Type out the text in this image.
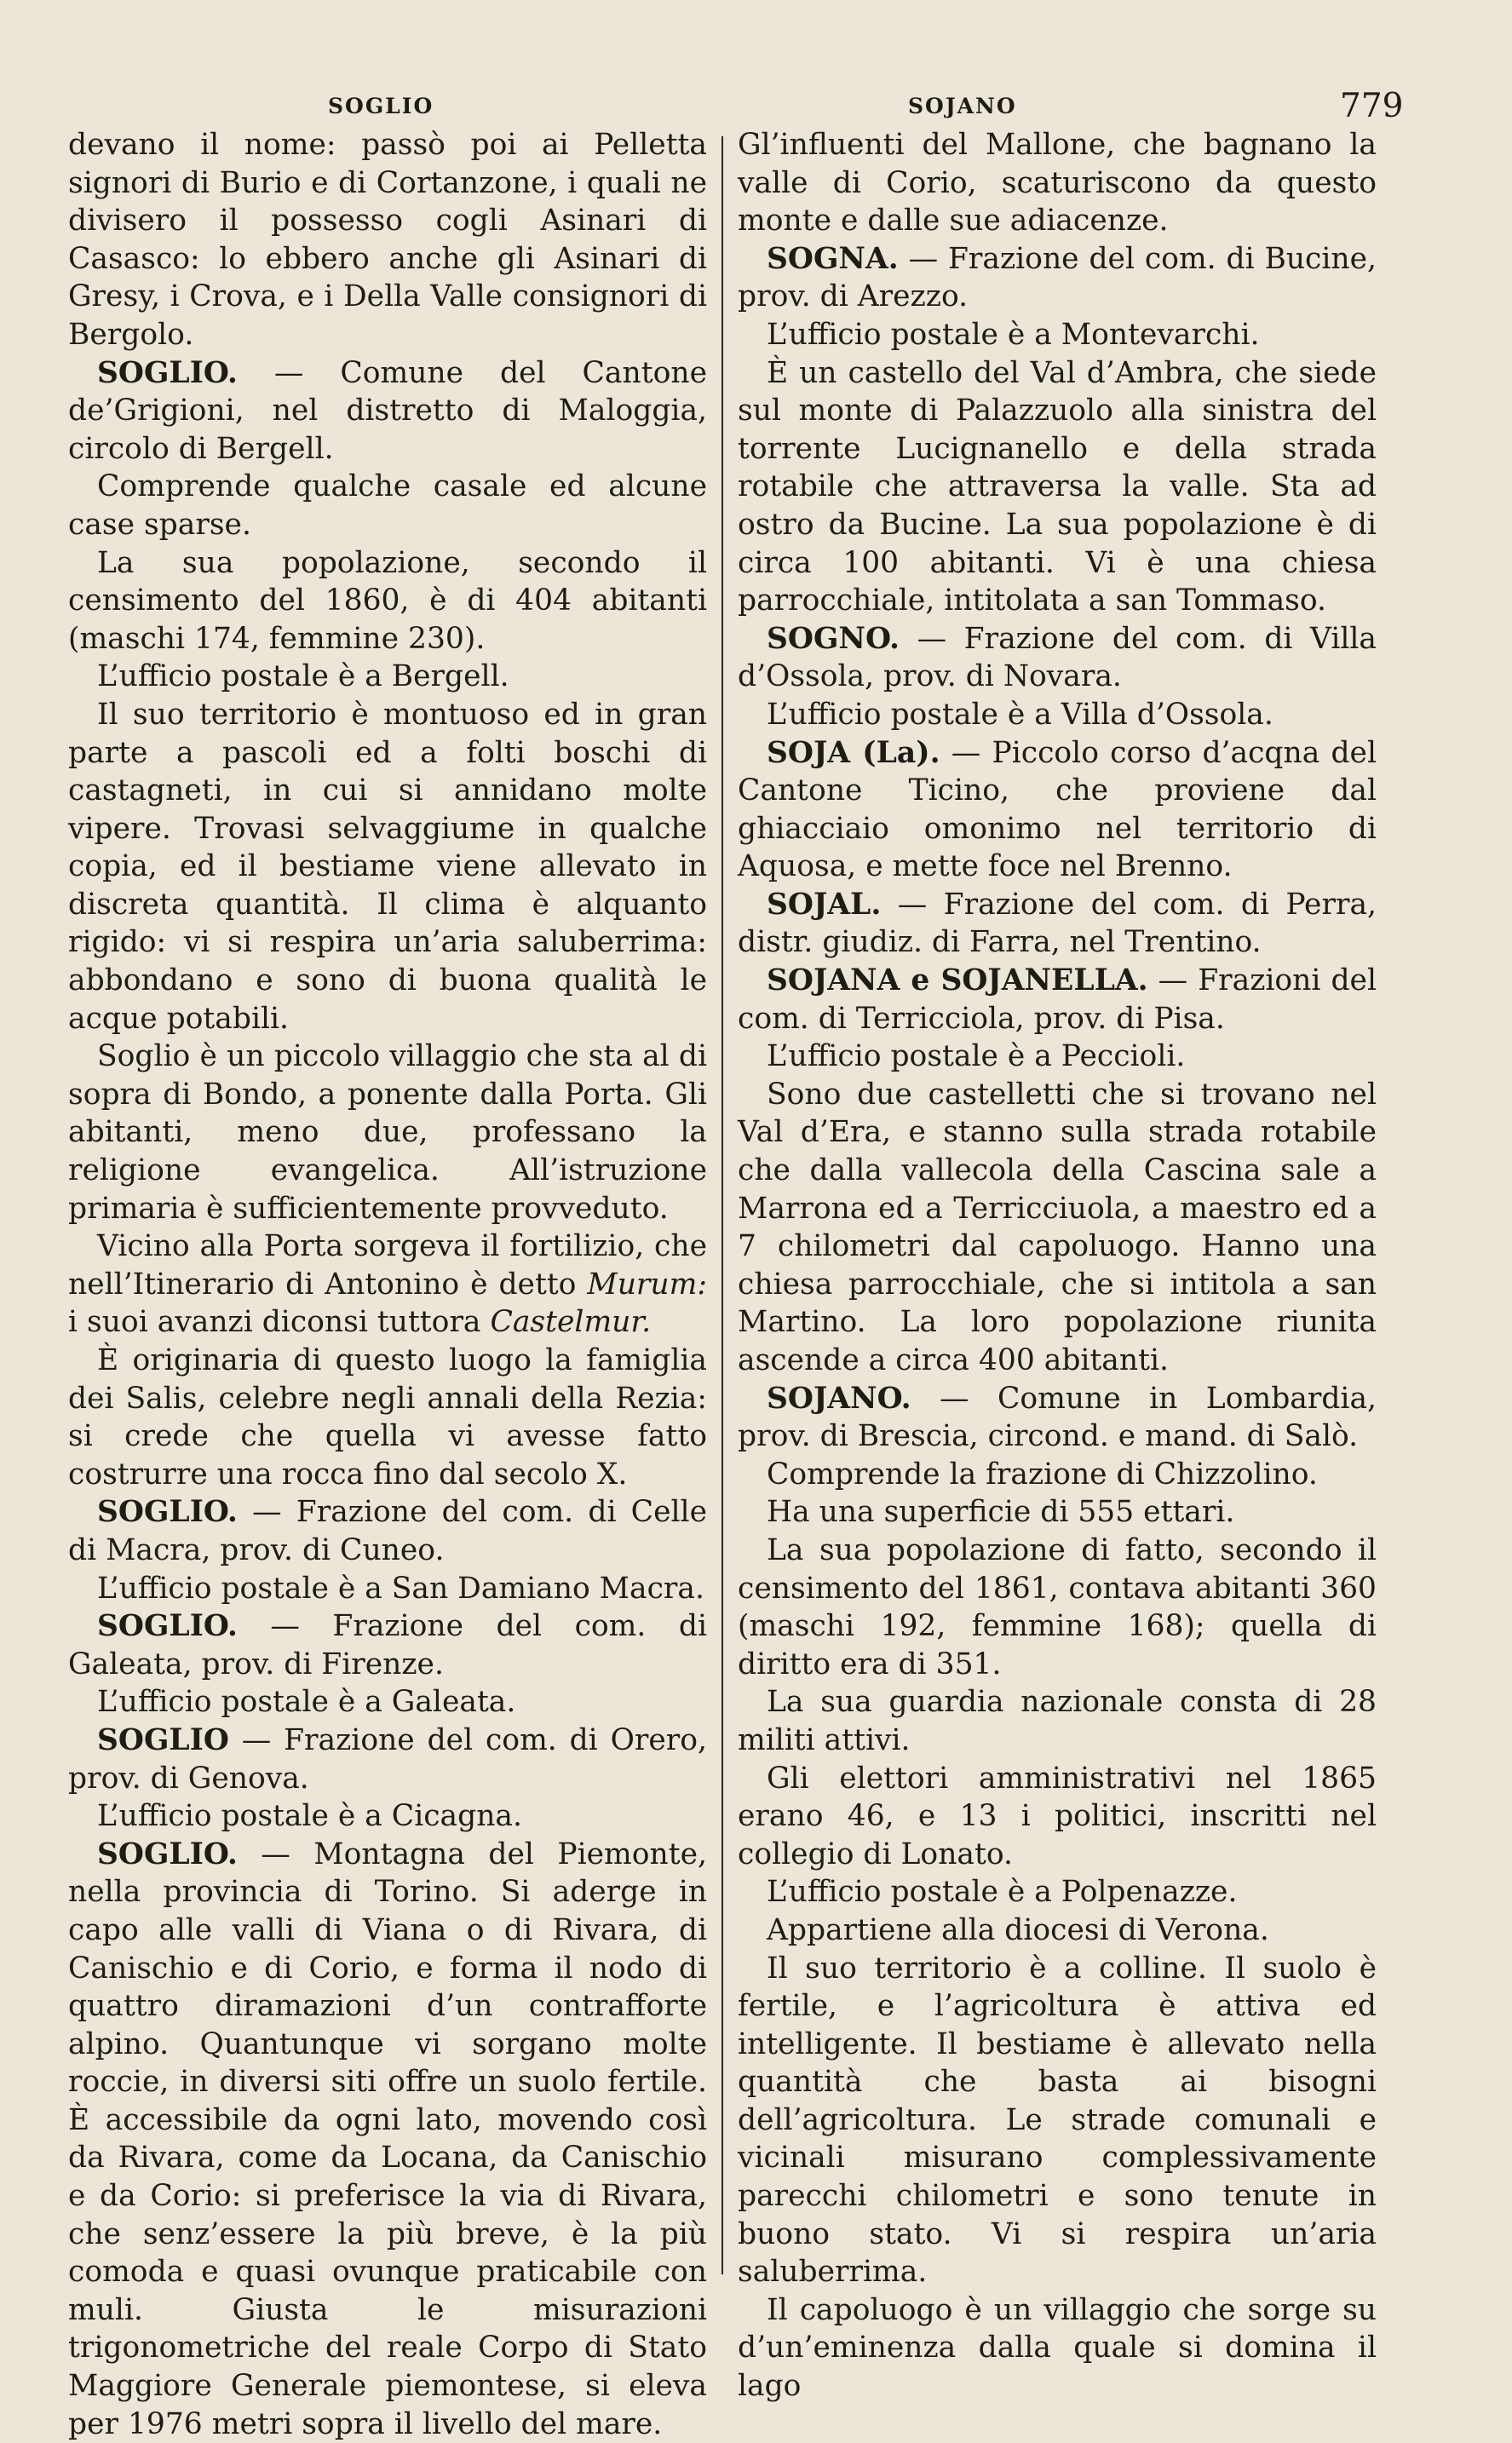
SOGLIO	SOJANO	779

devano il nome: passò poi ai Pelletta signori di Burio e di Cortanzone, i quali ne divisero il possesso cogli Asinari di Casasco: lo ebbero anche gli Asinari di Gresy, i Crova, e i Della Valle consignori di Bergolo.

SOGLIO. — Comune del Cantone de’Grigioni, nel distretto di Maloggia, circolo di Bergell.

Comprende qualche casale ed alcune case sparse.

La sua popolazione, secondo il censimento del 1860, è di 404 abitanti (maschi 174, femmine 230).

L’ufficio postale è a Bergell.

Il suo territorio è montuoso ed in gran parte a pascoli ed a folti boschi di castagneti, in cui si annidano molte vipere. Trovasi selvaggiume in qualche copia, ed il bestiame viene allevato in discreta quantità. Il clima è alquanto rigido: vi si respira un’aria saluberrima: abbondano e sono di buona qualità le acque potabili.

Soglio è un piccolo villaggio che sta al di sopra di Bondo, a ponente dalla Porta. Gli abitanti, meno due, professano la religione evangelica. All’istruzione primaria è sufficientemente provveduto.

Vicino alla Porta sorgeva il fortilizio, che nell’Itinerario di Antonino è detto Murum: i suoi avanzi diconsi tuttora Castelmur.

È originaria di questo luogo la famiglia dei Salis, celebre negli annali della Rezia: si crede che quella vi avesse fatto costrurre una rocca fino dal secolo X.

SOGLIO. — Frazione del com. di Celle di Macra, prov. di Cuneo.

L’ufficio postale è a San Damiano Macra.

SOGLIO. — Frazione del com. di Galeata, prov. di Firenze.

L’ufficio postale è a Galeata.

SOGLIO — Frazione del com. di Orero, prov. di Genova.

L’ufficio postale è a Cicagna.

SOGLIO. — Montagna del Piemonte, nella provincia di Torino. Si aderge in capo alle valli di Viana o di Rivara, di Canischio e di Corio, e forma il nodo di quattro diramazioni d’un contrafforte alpino. Quantunque vi sorgano molte roccie, in diversi siti offre un suolo fertile. È accessibile da ogni lato, movendo così da Rivara, come da Locana, da Canischio e da Corio: si preferisce la via di Rivara, che senz’essere la più breve, è la più comoda e quasi ovunque praticabile con muli. Giusta le misurazioni trigonometriche del reale Corpo di Stato Maggiore Generale piemontese, si eleva per 1976 metri sopra il livello del mare.

Gl’influenti del Mallone, che bagnano la valle di Corio, scaturiscono da questo monte e dalle sue adiacenze.

SOGNA. — Frazione del com. di Bucine, prov. di Arezzo.

L’ufficio postale è a Montevarchi.

È un castello del Val d’Ambra, che siede sul monte di Palazzuolo alla sinistra del torrente Lucignanello e della strada rotabile che attraversa la valle. Sta ad ostro da Bucine. La sua popolazione è di circa 100 abitanti. Vi è una chiesa parrocchiale, intitolata a san Tommaso.

SOGNO. — Frazione del com. di Villa d’Ossola, prov. di Novara.

L’ufficio postale è a Villa d’Ossola.

SOJA (La). — Piccolo corso d’acqna del Cantone Ticino, che proviene dal ghiacciaio omonimo nel territorio di Aquosa, e mette foce nel Brenno.

SOJAL. — Frazione del com. di Perra, distr. giudiz. di Farra, nel Trentino.

SOJANA e SOJANELLA. — Frazioni del com. di Terricciola, prov. di Pisa.

L’ufficio postale è a Peccioli.

Sono due castelletti che si trovano nel Val d’Era, e stanno sulla strada rotabile che dalla vallecola della Cascina sale a Marrona ed a Terricciuola, a maestro ed a 7 chilometri dal capoluogo. Hanno una chiesa parrocchiale, che si intitola a san Martino. La loro popolazione riunita ascende a circa 400 abitanti.

SOJANO. — Comune in Lombardia, prov. di Brescia, circond. e mand. di Salò.

Comprende la frazione di Chizzolino.

Ha una superficie di 555 ettari.

La sua popolazione di fatto, secondo il censimento del 1861, contava abitanti 360 (maschi 192, femmine 168); quella di diritto era di 351.

La sua guardia nazionale consta di 28 militi attivi.

Gli elettori amministrativi nel 1865 erano 46, e 13 i politici, inscritti nel collegio di Lonato.

L’ufficio postale è a Polpenazze.

Appartiene alla diocesi di Verona.

Il suo territorio è a colline. Il suolo è fertile, e l’agricoltura è attiva ed intelligente. Il bestiame è allevato nella quantità che basta ai bisogni dell’agricoltura. Le strade comunali e vicinali misurano complessivamente parecchi chilometri e sono tenute in buono stato. Vi si respira un’aria saluberrima.

Il capoluogo è un villaggio che sorge su d’un’eminenza dalla quale si domina il lago
